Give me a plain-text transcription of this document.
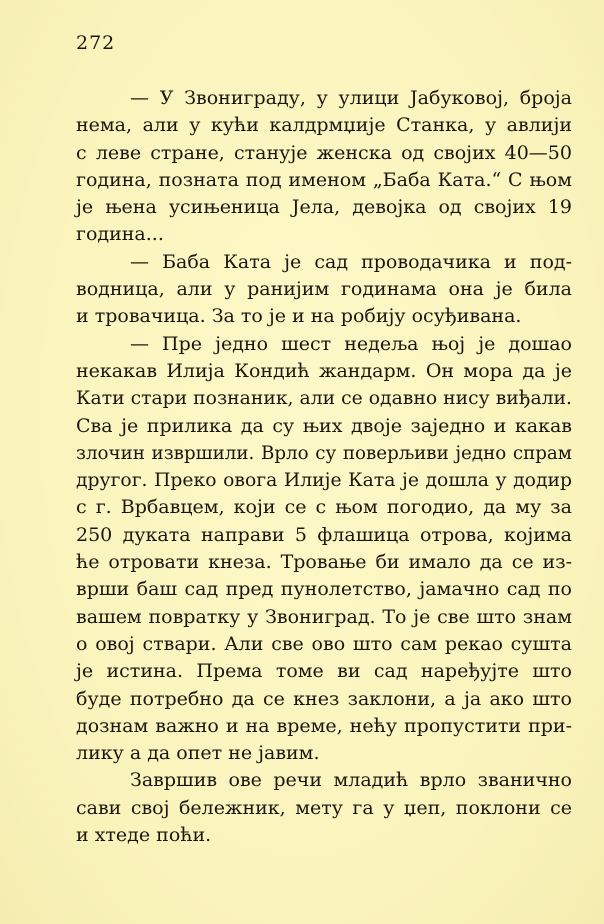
272
— У Звониграду, у улици Јабуковој, броја
нема, али у кући калдрмџије Станка, у авлији
с леве стране, станује женска од својих 40—50
година, позната под именом „Баба Ката.“ С њом
је њена усињеница Јела, девојка од својих 19
година...
— Баба Ката је сад проводачика и под-
водница, али у ранијим годинама она је била
и тровачица. За то је и на робију осуђивана.
— Пре једно шест недеља њој је дошао
некакав Илија Кондић жандарм. Он мора да је
Кати стари познаник, али се одавно нису виђали.
Сва је прилика да су њих двоје заједно и какав
злочин извршили. Врло су поверљиви једно спрам
другог. Преко овога Илије Ката је дошла у додир
с г. Врбавцем, који се с њом погодио, да му за
250 дуката направи 5 флашица отрова, којима
ће отровати кнеза. Тровање би имало да се из-
врши баш сад пред пунолетство, јамачно сад по
вашем повратку у Звониград. То је све што знам
о овој ствари. Али све ово што сам рекао сушта
је истина. Према томе ви сад наређујте што
буде потребно да се кнез заклони, а ја ако што
дознам важно и на време, нећу пропустити при-
лику а да опет не јавим.
Завршив ове речи младић врло званично
сави свој бележник, мету га у џеп, поклони се
и хтеде поћи.
